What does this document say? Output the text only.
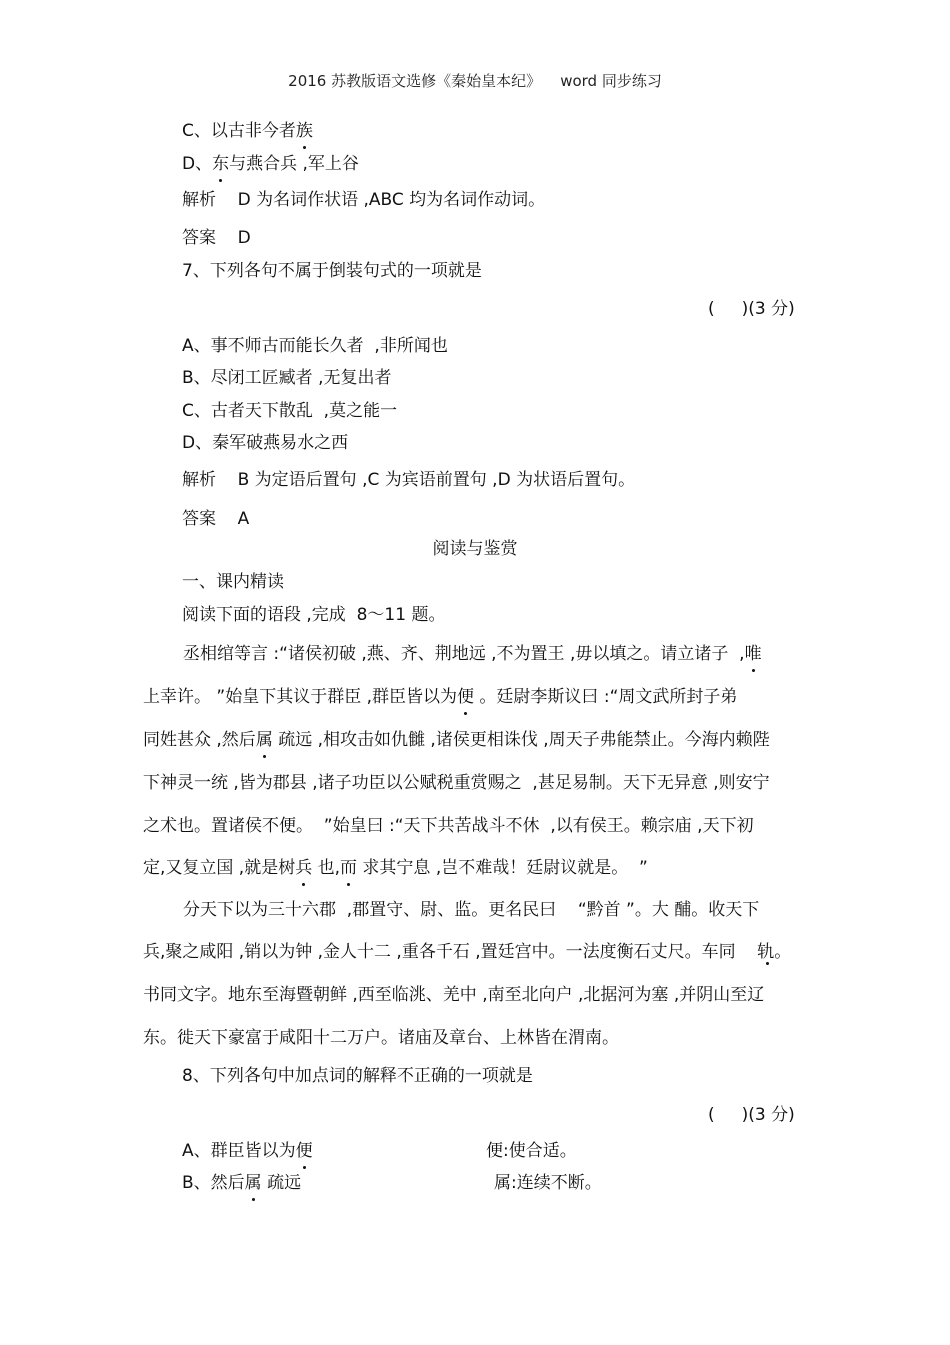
2016 苏教版语文选修《秦始皇本纪》    word 同步练习
C、以古非今者族
D、东与燕合兵 ,军上谷
解析    D 为名词作状语 ,ABC 均为名词作动词。
答案    D
7、下列各句不属于倒装句式的一项就是
(     )(3 分)
A、事不师古而能长久者  ,非所闻也
B、尽闭工匠臧者 ,无复出者
C、古者天下散乱  ,莫之能一
D、秦军破燕易水之西
解析    B 为定语后置句 ,C 为宾语前置句 ,D 为状语后置句。
答案    A
阅读与鉴赏
一、课内精读
阅读下面的语段 ,完成  8～11 题。
丞相绾等言 :“诸侯初破 ,燕、齐、荆地远 ,不为置王 ,毋以填之。请立诸子  ,唯
上幸许。 ”始皇下其议于群臣 ,群臣皆以为便 。廷尉李斯议曰 :“周文武所封子弟
同姓甚众 ,然后属 疏远 ,相攻击如仇雠 ,诸侯更相诛伐 ,周天子弗能禁止。今海内赖陛
下神灵一统 ,皆为郡县 ,诸子功臣以公赋税重赏赐之  ,甚足易制。天下无异意 ,则安宁
之术也。置诸侯不便。  ”始皇曰 :“天下共苦战斗不休  ,以有侯王。赖宗庙 ,天下初
定,又复立国 ,就是树兵 也,而 求其宁息 ,岂不难哉！廷尉议就是。  ”
分天下以为三十六郡  ,郡置守、尉、监。更名民曰    “黔首 ”。大 酺。收天下
兵,聚之咸阳 ,销以为钟 ,金人十二 ,重各千石 ,置廷宫中。一法度衡石丈尺。车同    轨。
书同文字。地东至海暨朝鲜 ,西至临洮、羌中 ,南至北向户 ,北据河为塞 ,并阴山至辽
东。徙天下豪富于咸阳十二万户。诸庙及章台、上林皆在渭南。
8、下列各句中加点词的解释不正确的一项就是
(     )(3 分)
A、群臣皆以为便	便:使合适。
B、然后属 疏远	属:连续不断。
